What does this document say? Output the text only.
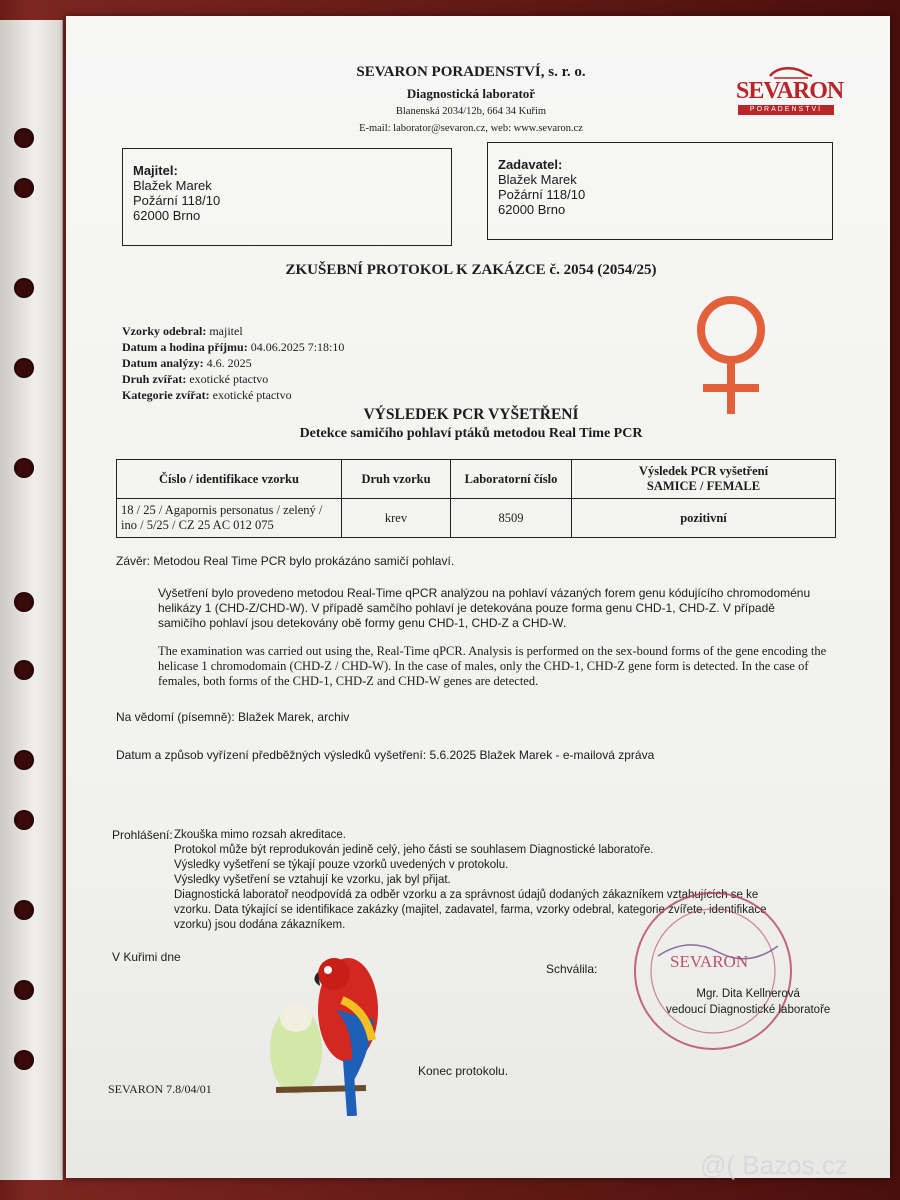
SEVARON PORADENSTVÍ, s. r. o.
Diagnostická laboratoř
Blanenská 2034/12b, 664 34 Kuřim
E-mail: laborator@sevaron.cz, web: www.sevaron.cz
SEVARON
PORADENSTVÍ
Majitel:
Blažek Marek
Požární 118/10
62000 Brno
Zadavatel:
Blažek Marek
Požární 118/10
62000 Brno
ZKUŠEBNÍ PROTOKOL K ZAKÁZCE č. 2054 (2054/25)
Vzorky odebral: majitel
Datum a hodina příjmu: 04.06.2025 7:18:10
Datum analýzy: 4.6. 2025
Druh zvířat: exotické ptactvo
Kategorie zvířat: exotické ptactvo
VÝSLEDEK PCR VYŠETŘENÍ
Detekce samičího pohlaví ptáků metodou Real Time PCR
Číslo / identifikace vzorku	Druh vzorku	Laboratorní číslo	Výsledek PCR vyšetření
SAMICE / FEMALE

18 / 25 / Agapornis personatus / zelený /
ino / 5/25 / CZ 25 AC 012 075	krev	8509	pozitivní
Závěr: Metodou Real Time PCR bylo prokázáno samičí pohlaví.
Vyšetření bylo provedeno metodou Real-Time qPCR analýzou na pohlaví vázaných forem genu kódujícího chromodoménu helikázy 1 (CHD-Z/CHD-W). V případě samčího pohlaví je detekována pouze forma genu CHD-1, CHD-Z. V případě samičího pohlaví jsou detekovány obě formy genu CHD-1, CHD-Z a CHD-W.
The examination was carried out using the, Real-Time qPCR. Analysis is performed on the sex-bound forms of the gene encoding the helicase 1 chromodomain (CHD-Z / CHD-W). In the case of males, only the CHD-1, CHD-Z gene form is detected. In the case of females, both forms of the CHD-1, CHD-Z and CHD-W genes are detected.
Na vědomí (písemně): Blažek Marek, archiv
Datum a způsob vyřízení předběžných výsledků vyšetření: 5.6.2025 Blažek Marek - e-mailová zpráva
Prohlášení: Zkouška mimo rozsah akreditace.
Protokol může být reprodukován jedině celý, jeho části se souhlasem Diagnostické laboratoře.
Výsledky vyšetření se týkají pouze vzorků uvedených v protokolu.
Výsledky vyšetření se vztahují ke vzorku, jak byl přijat.
Diagnostická laboratoř neodpovídá za odběr vzorku a za správnost údajů dodaných zákazníkem vztahujících se ke
vzorku. Data týkající se identifikace zakázky (majitel, zadavatel, farma, vzorky odebral, kategorie zvířete, identifikace
vzorku) jsou dodána zákazníkem.
V Kuřimi dne	SEVARON
Schválila:
Mgr. Dita Kellnerová
vedoucí Diagnostické laboratoře
Konec protokolu.
SEVARON 7.8/04/01
@( Bazos.cz
